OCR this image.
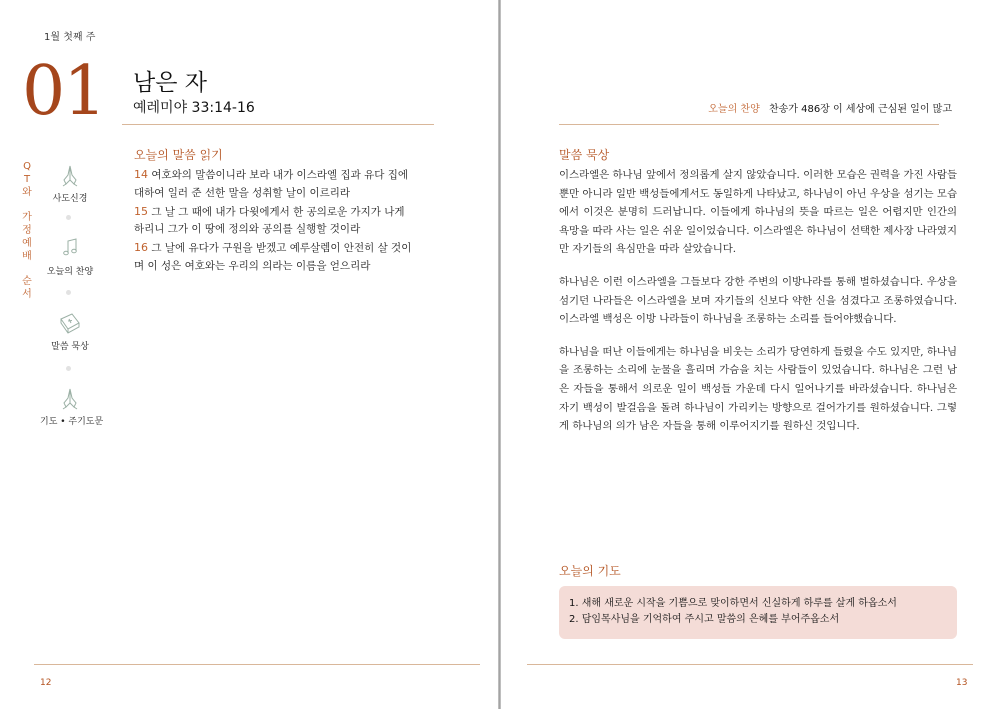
1월 첫째 주
01 남은 자
예레미야 33:14-16
Q
T
와
가
정
예
배
순
서
사도신경
오늘의 찬양
말씀 묵상
기도 • 주기도문
오늘의 말씀 읽기
14 여호와의 말씀이니라 보라 내가 이스라엘 집과 유다 집에
대하여 일러 준 선한 말을 성취할 날이 이르리라
15 그 날 그 때에 내가 다윗에게서 한 공의로운 가지가 나게
하리니 그가 이 땅에 정의와 공의를 실행할 것이라
16 그 날에 유다가 구원을 받겠고 예루살렘이 안전히 살 것이
며 이 성은 여호와는 우리의 의라는 이름을 얻으리라
12
오늘의 찬양 찬송가 486장 이 세상에 근심된 일이 많고
말씀 묵상

이스라엘은 하나님 앞에서 정의롭게 살지 않았습니다. 이러한 모습은 권력을 가진 사람들뿐만 아니라 일반 백성들에게서도 동일하게 나타났고, 하나님이 아닌 우상을 섬기는 모습에서 이것은 분명히 드러납니다. 이들에게 하나님의 뜻을 따르는 일은 어렵지만 인간의 욕망을 따라 사는 일은 쉬운 일이었습니다. 이스라엘은 하나님이 선택한 제사장 나라였지만 자기들의 욕심만을 따라 살았습니다.

하나님은 이런 이스라엘을 그들보다 강한 주변의 이방나라를 통해 벌하셨습니다. 우상을 섬기던 나라들은 이스라엘을 보며 자기들의 신보다 약한 신을 섬겼다고 조롱하였습니다. 이스라엘 백성은 이방 나라들이 하나님을 조롱하는 소리를 들어야했습니다.

하나님을 떠난 이들에게는 하나님을 비웃는 소리가 당연하게 들렸을 수도 있지만, 하나님을 조롱하는 소리에 눈물을 흘리며 가슴을 치는 사람들이 있었습니다. 하나님은 그런 남은 자들을 통해서 의로운 일이 백성들 가운데 다시 일어나기를 바라셨습니다. 하나님은 자기 백성이 발걸음을 돌려 하나님이 가리키는 방향으로 걸어가기를 원하셨습니다. 그렇게 하나님의 의가 남은 자들을 통해 이루어지기를 원하신 것입니다.

오늘의 기도
1. 새해 새로운 시작을 기쁨으로 맞이하면서 신실하게 하루를 살게 하옵소서
2. 담임목사님을 기억하여 주시고 말씀의 은혜를 부어주옵소서
13
